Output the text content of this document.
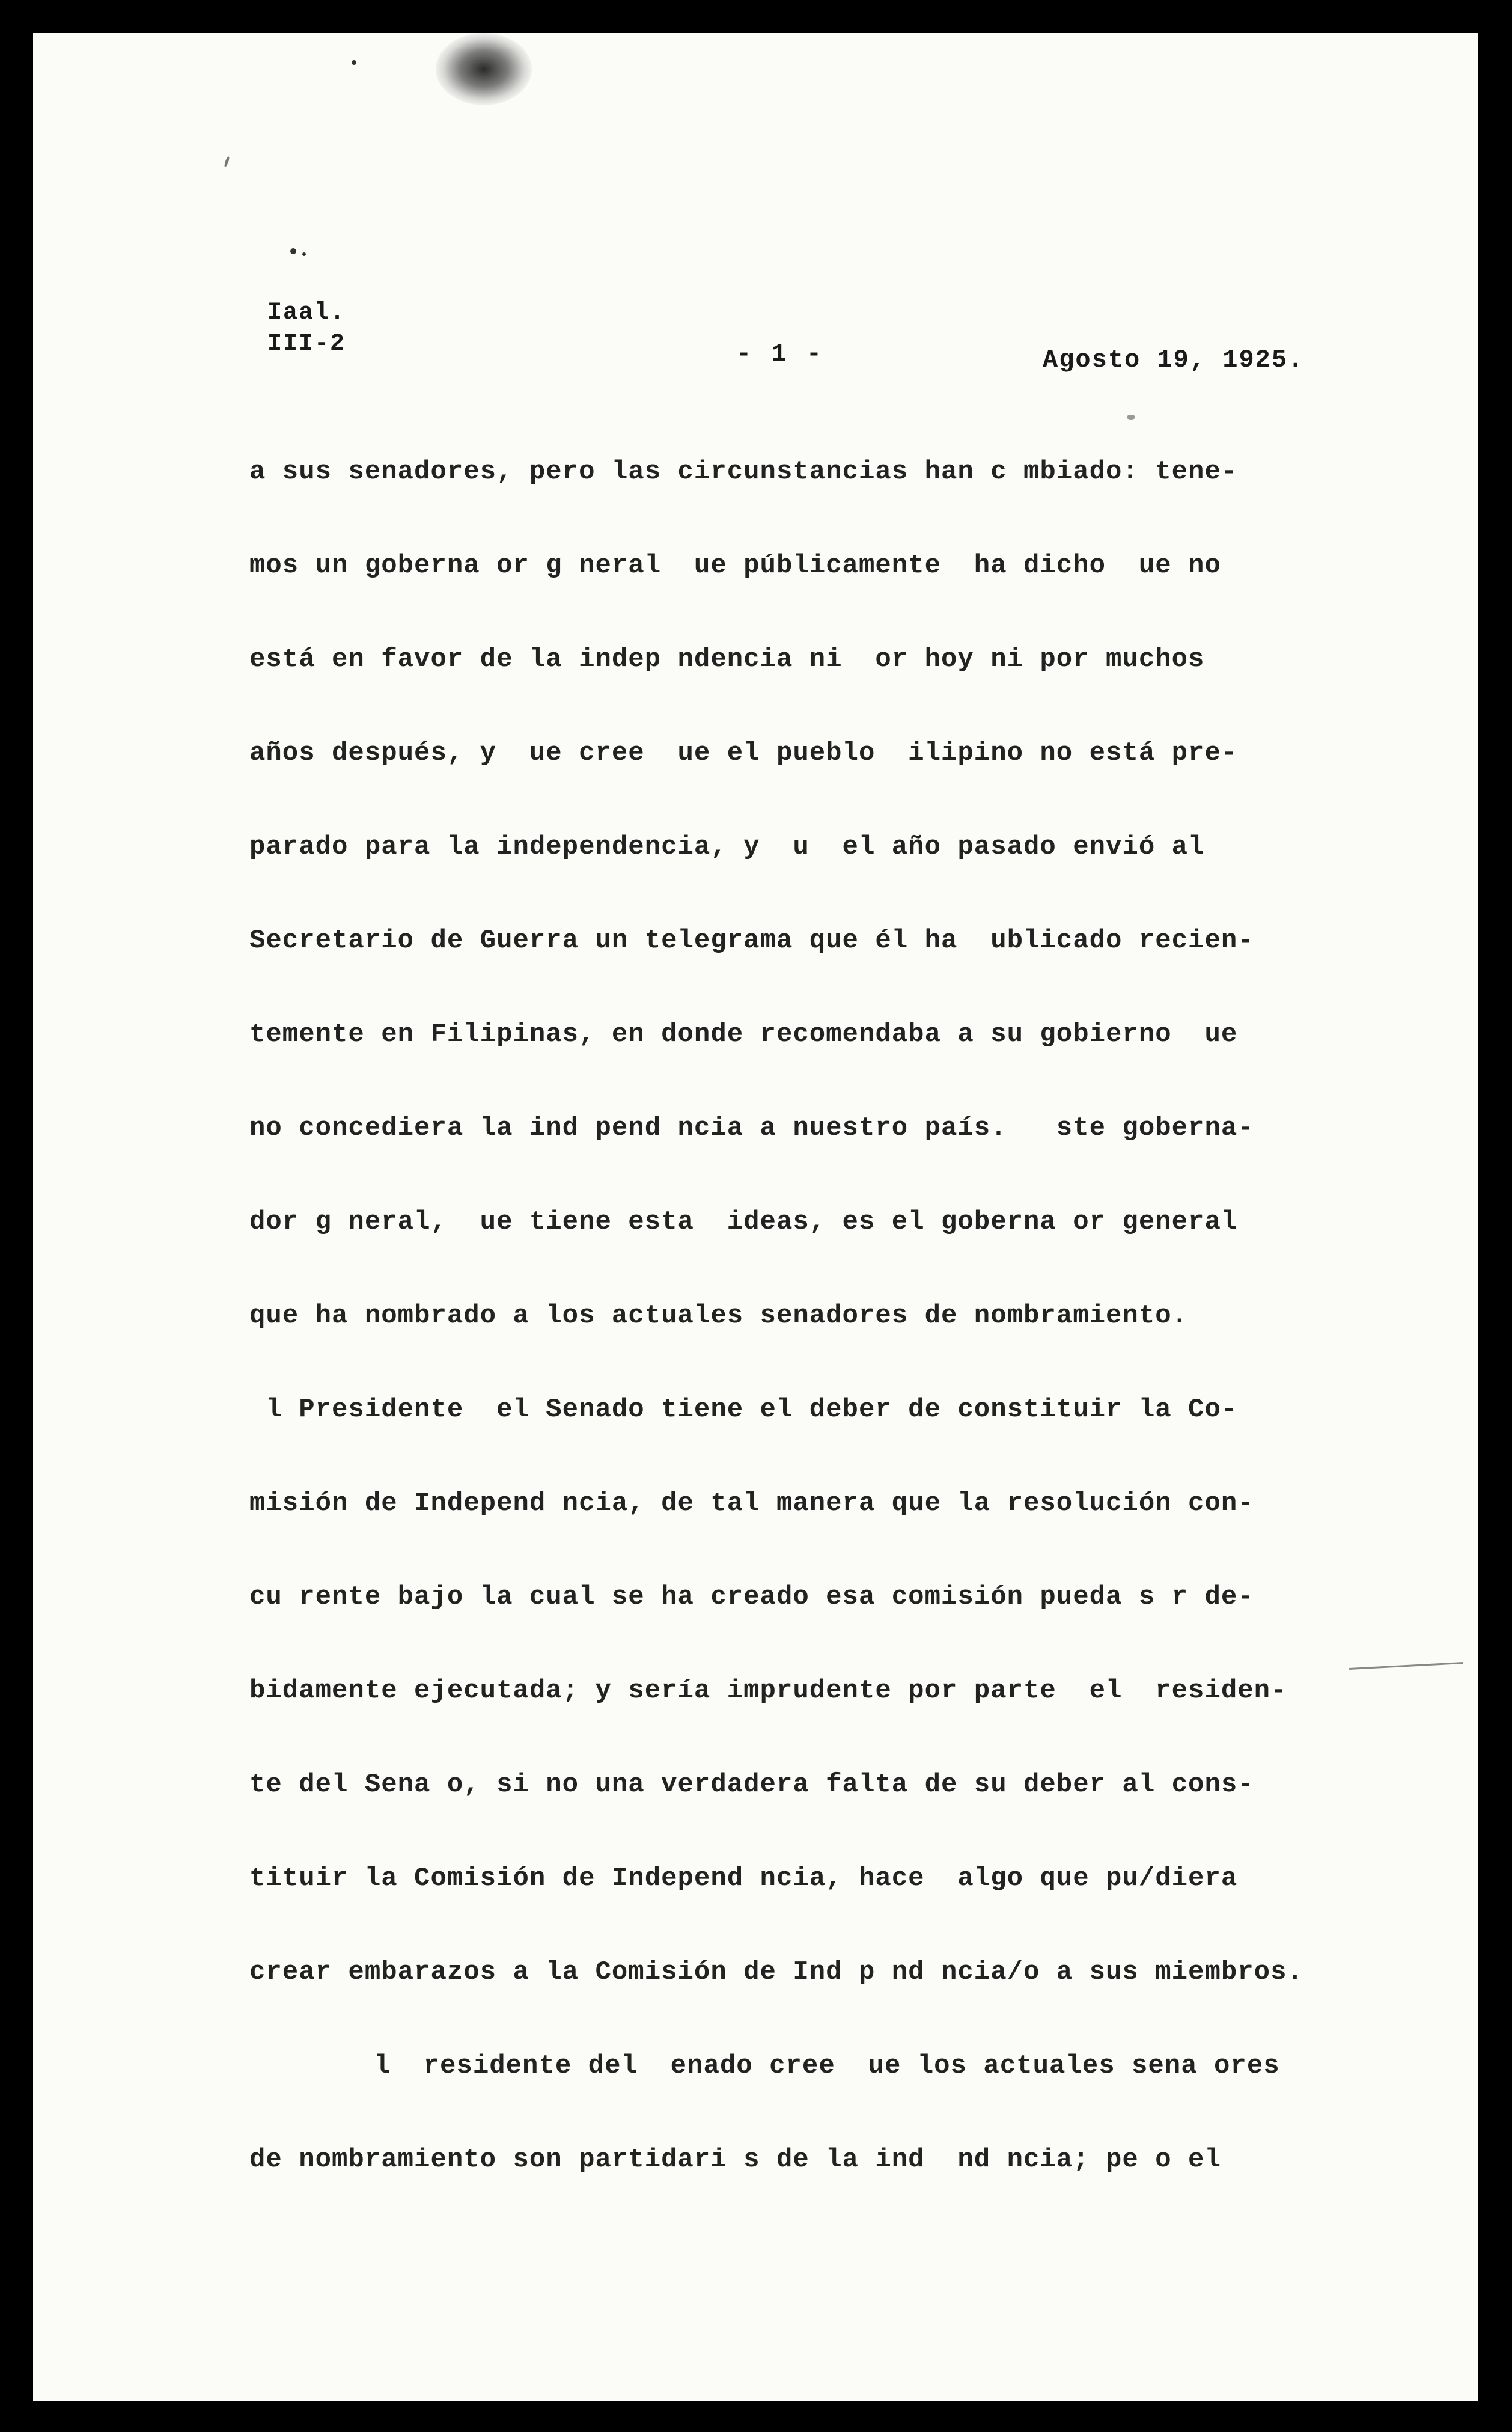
Iaal.
III-2	- 1 -	Agosto 19, 1925.
a sus senadores, pero las circunstancias han c mbiado: tene-
mos un goberna or g neral  ue públicamente  ha dicho  ue no
está en favor de la indep ndencia ni  or hoy ni por muchos
años después, y  ue cree  ue el pueblo  ilipino no está pre-
parado para la independencia, y  u  el año pasado envió al
Secretario de Guerra un telegrama que él ha  ublicado recien-
temente en Filipinas, en donde recomendaba a su gobierno  ue
no concediera la ind pend ncia a nuestro país.   ste goberna-
dor g neral,  ue tiene esta  ideas, es el goberna or general
que ha nombrado a los actuales senadores de nombramiento.
l Presidente  el Senado tiene el deber de constituir la Co-
misión de Independ ncia, de tal manera que la resolución con-
cu rente bajo la cual se ha creado esa comisión pueda s r de-
bidamente ejecutada; y sería imprudente por parte  el  residen-
te del Sena o, si no una verdadera falta de su deber al cons-
tituir la Comisión de Independ ncia, hace  algo que pu/diera
crear embarazos a la Comisión de Ind p nd ncia/o a sus miembros.
l  residente del  enado cree  ue los actuales sena ores
de nombramiento son partidari s de la ind  nd ncia; pe o el
